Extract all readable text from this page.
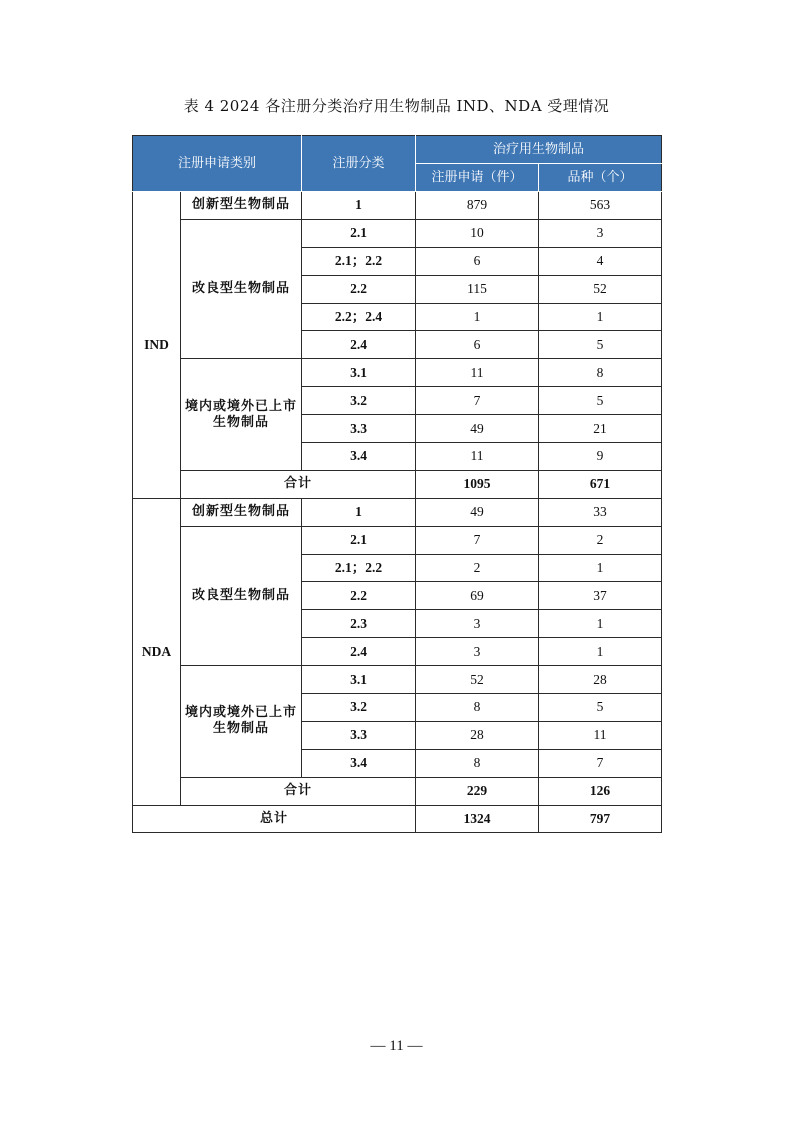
表 4 2024 各注册分类治疗用生物制品 IND、NDA 受理情况
注册申请类别		注册分类	治疗用生物制品	
			注册申请（件）	品种（个）
IND	创新型生物制品	1	879	563
	改良型生物制品	2.1	10	3
		2.1；2.2	6	4
		2.2	115	52
		2.2；2.4	1	1
		2.4	6	5
	境内或境外已上市生物制品	3.1	11	8
		3.2	7	5
		3.3	49	21
		3.4	11	9
	合计		1095	671
NDA	创新型生物制品	1	49	33
	改良型生物制品	2.1	7	2
		2.1；2.2	2	1
		2.2	69	37
		2.3	3	1
		2.4	3	1
	境内或境外已上市生物制品	3.1	52	28
		3.2	8	5
		3.3	28	11
		3.4	8	7
	合计		229	126
总计			1324	797
— 11 —
